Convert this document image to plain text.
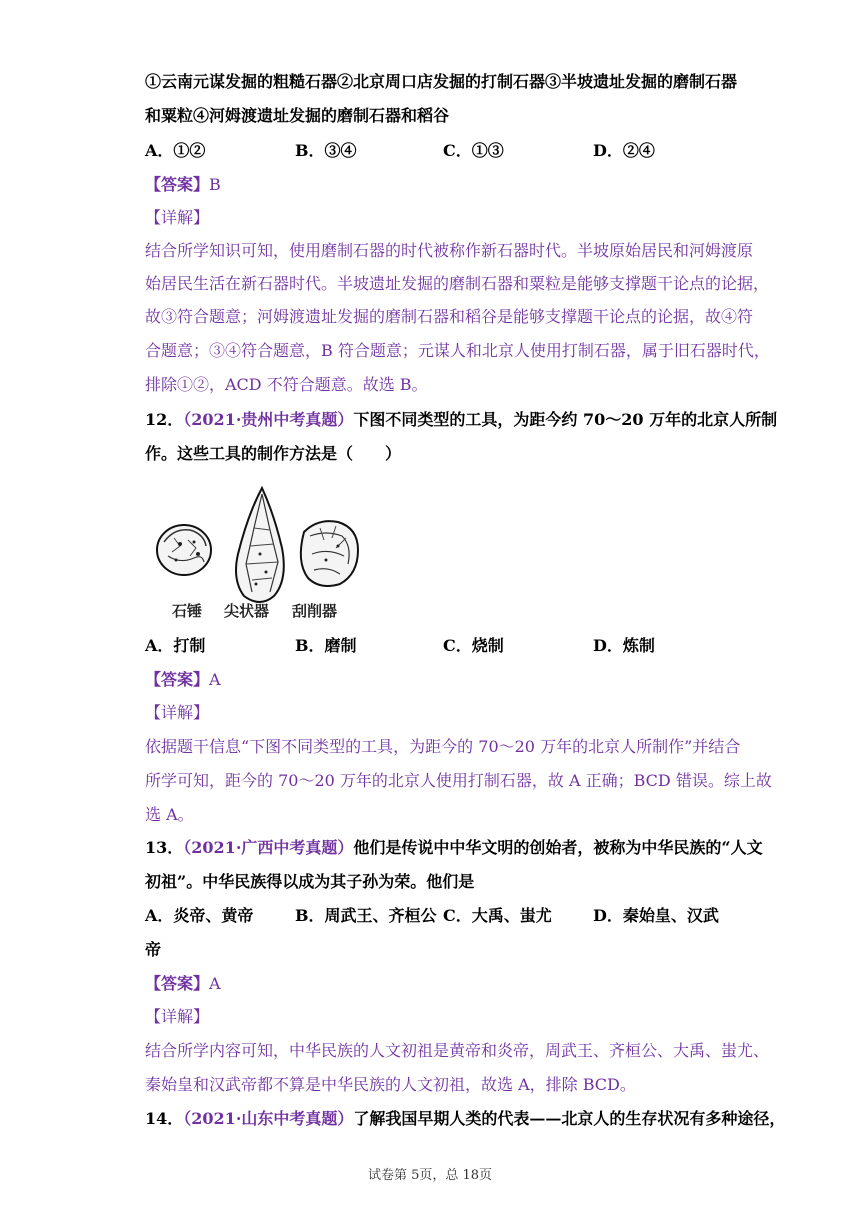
①云南元谋发掘的粗糙石器②北京周口店发掘的打制石器③半坡遗址发掘的磨制石器
和粟粒④河姆渡遗址发掘的磨制石器和稻谷
A．①②	B．③④	C．①③	D．②④
【答案】B
【详解】
结合所学知识可知，使用磨制石器的时代被称作新石器时代。半坡原始居民和河姆渡原
始居民生活在新石器时代。半坡遗址发掘的磨制石器和粟粒是能够支撑题干论点的论据，
故③符合题意；河姆渡遗址发掘的磨制石器和稻谷是能够支撑题干论点的论据，故④符
合题意；③④符合题意，B 符合题意；元谋人和北京人使用打制石器，属于旧石器时代，
排除①②，ACD 不符合题意。故选 B。
12．（2021·贵州中考真题）下图不同类型的工具，为距今约 70～20 万年的北京人所制
作。这些工具的制作方法是（　　）
石锤 尖状器 刮削器
A．打制	B．磨制	C．烧制	D．炼制
【答案】A
【详解】
依据题干信息“下图不同类型的工具，为距今的 70～20 万年的北京人所制作”并结合
所学可知，距今的 70～20 万年的北京人使用打制石器，故 A 正确；BCD 错误。综上故
选 A。
13．（2021·广西中考真题）他们是传说中中华文明的创始者，被称为中华民族的“人文
初祖”。中华民族得以成为其子孙为荣。他们是
A．炎帝、黄帝	B．周武王、齐桓公 C．大禹、蚩尤	D．秦始皇、汉武
帝
【答案】A
【详解】
结合所学内容可知，中华民族的人文初祖是黄帝和炎帝，周武王、齐桓公、大禹、蚩尤、
秦始皇和汉武帝都不算是中华民族的人文初祖，故选 A，排除 BCD。
14．（2021·山东中考真题）了解我国早期人类的代表——北京人的生存状况有多种途径，
试卷第 5页，总 18页
